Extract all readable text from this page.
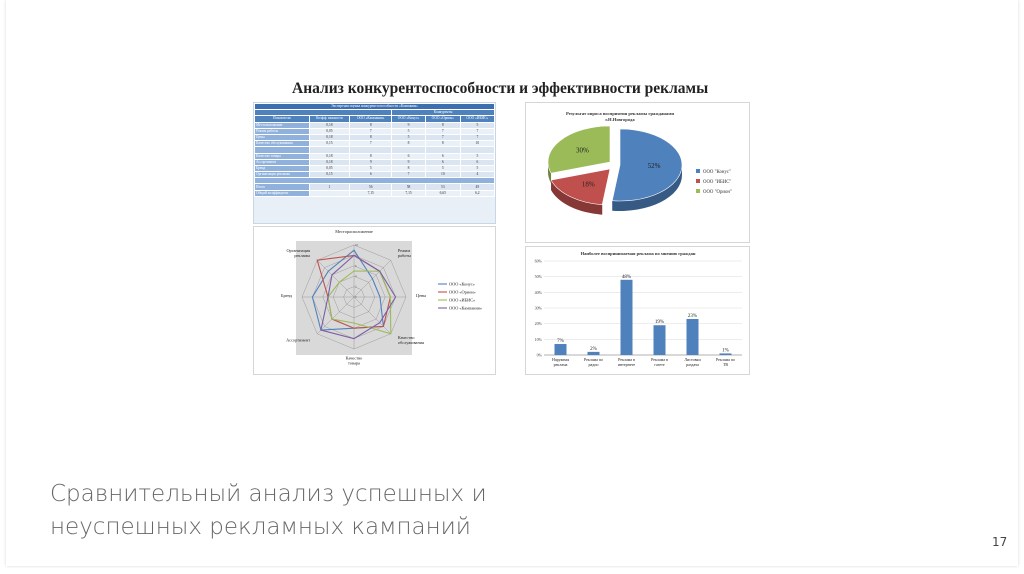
Анализ конкурентоспособности и эффективности рекламы
Экспертная оценка конкурентоспособности «Кампания»					
			Конкуренты		
Показатели	Коэфф. важности	ООО «Кампания»	ООО «Конус»	ООО «Орион»	ООО «ИБИС»
Местоположение	0,18	8	9	8	5
Режим работы	0,05	7	5	7	7
Цены	0,18	8	5	7	7
Качество обслуживания	0,15	7	8	8	10

Качество товара	0,18	8	6	6	5
Ассортимент	0,18	9	9	6	6
Бренд	0,05	5	8	5	5
Организация рекламы	0,15	6	7	10	4

Итого	1	56	58	53	49
Общий коэффициент		7,15	7,15	6,65	6,2
Результат опроса восприятия рекламы гражданами
г.Н.Новгорода
52%
18%
30%
ООО "Конус"
ООО "ИБИС"
ООО "Орион"
0
2
4
6
8
10
Месторасположение
Режим работы
Цены
Качество обслуживания
Качество товара
Ассортимент
Бренд
Организация рекламы
ООО «Конус»
ООО «Орион»
ООО «ИБИС»
ООО «Кампания»
Наиболее воспринимаемая реклама по мнению граждан
0%
10%
20%
30%
40%
50%
60%
7%
Наружная реклама
2%
Реклама по радио
48%
Реклама в интернете
19%
Реклама в газете
23%
Листовки раздача
1%
Реклама по ТВ
Сравнительный анализ успешных и
неуспешных рекламных кампаний
17
